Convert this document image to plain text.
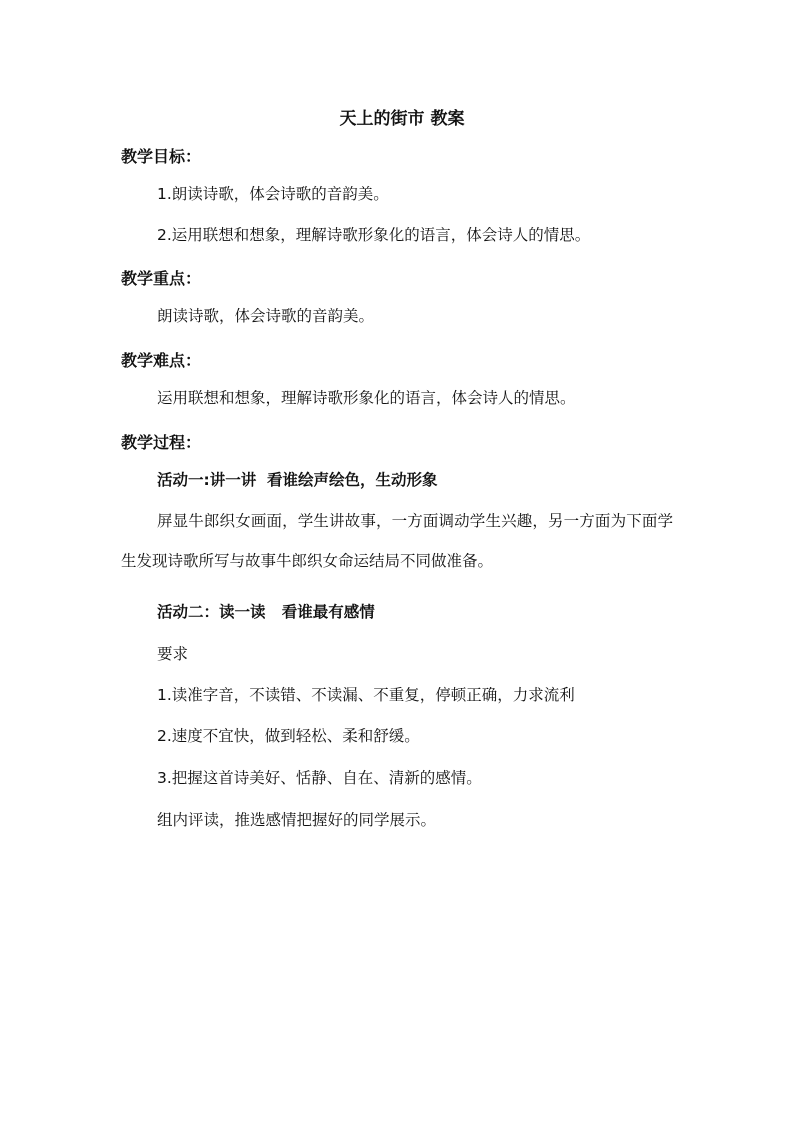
天上的街市 教案
教学目标：

1.朗读诗歌，体会诗歌的音韵美。

2.运用联想和想象，理解诗歌形象化的语言，体会诗人的情思。

教学重点：

朗读诗歌，体会诗歌的音韵美。

教学难点：

运用联想和想象，理解诗歌形象化的语言，体会诗人的情思。

教学过程：

活动一:讲一讲  看谁绘声绘色，生动形象

屏显牛郎织女画面，学生讲故事，一方面调动学生兴趣，另一方面为下面学生发现诗歌所写与故事牛郎织女命运结局不同做准备。

活动二：读一读   看谁最有感情

要求

1.读准字音，不读错、不读漏、不重复，停顿正确，力求流利

2.速度不宜快，做到轻松、柔和舒缓。

3.把握这首诗美好、恬静、自在、清新的感情。

组内评读，推选感情把握好的同学展示。
